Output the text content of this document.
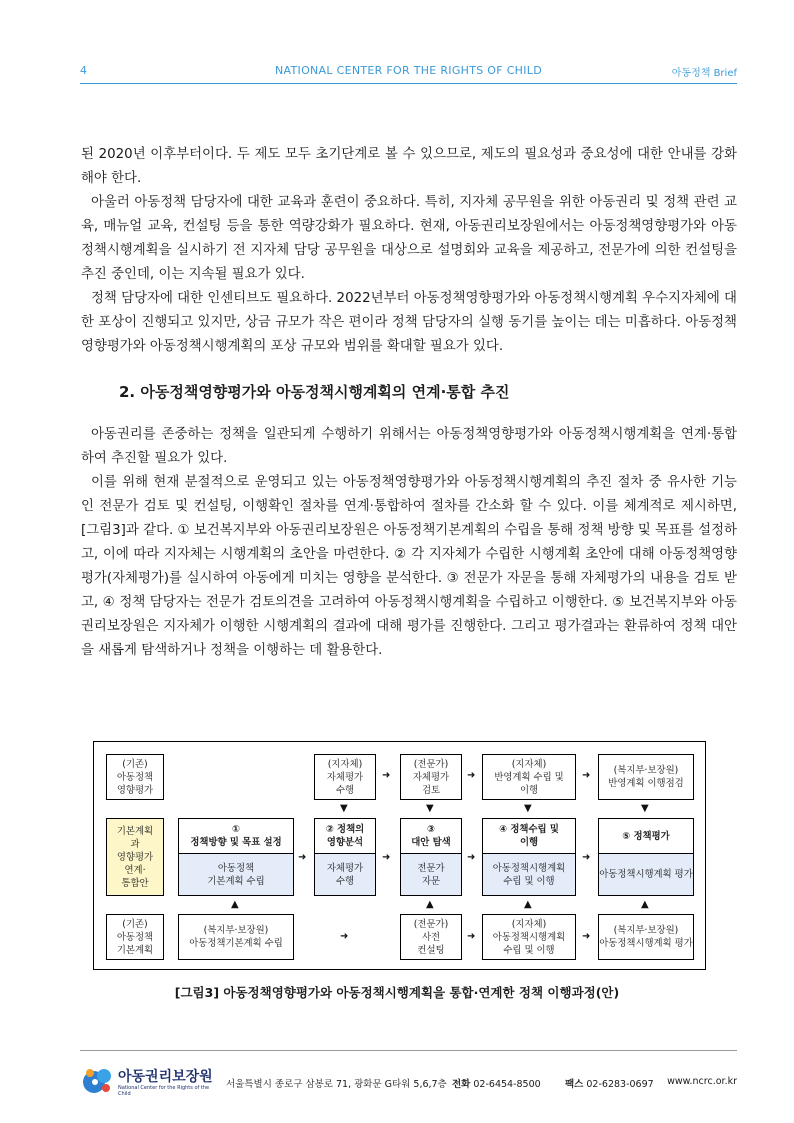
4	NATIONAL CENTER FOR THE RIGHTS OF CHILD	아동정책 Brief

된 2020년 이후부터이다. 두 제도 모두 초기단계로 볼 수 있으므로, 제도의 필요성과 중요성에 대한 안내를 강화해야 한다.

아울러 아동정책 담당자에 대한 교육과 훈련이 중요하다. 특히, 지자체 공무원을 위한 아동권리 및 정책 관련 교육, 매뉴얼 교육, 컨설팅 등을 통한 역량강화가 필요하다. 현재, 아동권리보장원에서는 아동정책영향평가와 아동정책시행계획을 실시하기 전 지자체 담당 공무원을 대상으로 설명회와 교육을 제공하고, 전문가에 의한 컨설팅을 추진 중인데, 이는 지속될 필요가 있다.

정책 담당자에 대한 인센티브도 필요하다. 2022년부터 아동정책영향평가와 아동정책시행계획 우수지자체에 대한 포상이 진행되고 있지만, 상금 규모가 작은 편이라 정책 담당자의 실행 동기를 높이는 데는 미흡하다. 아동정책영향평가와 아동정책시행계획의 포상 규모와 범위를 확대할 필요가 있다.

2. 아동정책영향평가와 아동정책시행계획의 연계·통합 추진

아동권리를 존중하는 정책을 일관되게 수행하기 위해서는 아동정책영향평가와 아동정책시행계획을 연계·통합하여 추진할 필요가 있다.

이를 위해 현재 분절적으로 운영되고 있는 아동정책영향평가와 아동정책시행계획의 추진 절차 중 유사한 기능인 전문가 검토 및 컨설팅, 이행확인 절차를 연계·통합하여 절차를 간소화 할 수 있다. 이를 체계적로 제시하면, [그림3]과 같다. ① 보건복지부와 아동권리보장원은 아동정책기본계획의 수립을 통해 정책 방향 및 목표를 설정하고, 이에 따라 지자체는 시행계획의 초안을 마련한다. ② 각 지자체가 수립한 시행계획 초안에 대해 아동정책영향평가(자체평가)를 실시하여 아동에게 미치는 영향을 분석한다. ③ 전문가 자문을 통해 자체평가의 내용을 검토 받고, ④ 정책 담당자는 전문가 검토의견을 고려하여 아동정책시행계획을 수립하고 이행한다. ⑤ 보건복지부와 아동권리보장원은 지자체가 이행한 시행계획의 결과에 대해 평가를 진행한다. 그리고 평가결과는 환류하여 정책 대안을 새롭게 탐색하거나 정책을 이행하는 데 활용한다.

(기존)
아동정책
영향평가
(지자체)
자체평가
수행
(전문가)
자체평가
검토
(지자체)
반영계획 수립 및
이행
(복지부·보장원)
반영계획 이행점검
기본계획
과
영향평가
연계·
통합안
①
정책방향 및 목표 설정
아동정책
기본계획 수립
② 정책의
영향분석
자체평가
수행
③
대안 탐색
전문가
자문
④ 정책수립 및
이행
아동정책시행계획
수립 및 이행
⑤ 정책평가
아동정책시행계획 평가
(기존)
아동정책
기본계획
(복지부·보장원)
아동정책기본계획 수립
(전문가)
사전
컨설팅
(지자체)
아동정책시행계획
수립 및 이행
(복지부·보장원)
아동정책시행계획 평가
➜	➜	➜
▼	▼	▼	▼
➜	➜	➜	➜
▲	▲	▲	▲
➜	➜	➜
[그림3] 아동정책영향평가와 아동정책시행계획을 통합·연계한 정책 이행과정(안)
아동권리보장원
National Center for the Rights of the Child
서울특별시 종로구 삼봉로 71, 광화문 G타워 5,6,7층 전화 02-6454-8500	팩스 02-6283-0697 www.ncrc.or.kr
